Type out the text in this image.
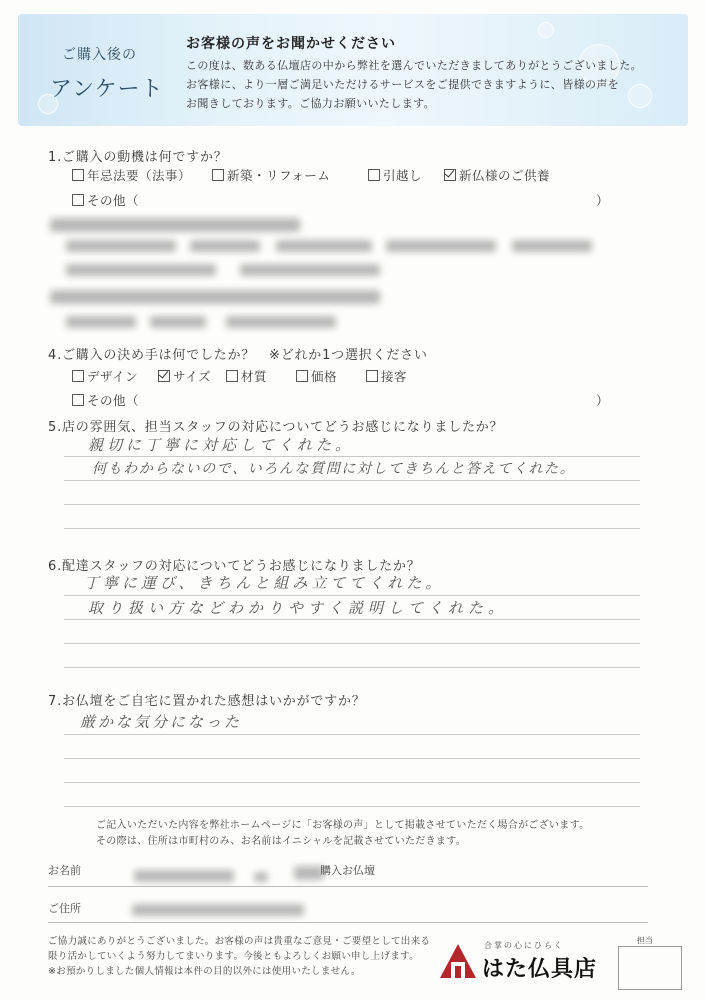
ご購入後の
アンケート
お客様の声をお聞かせください
この度は、数ある仏壇店の中から弊社を選んでいただきましてありがとうございました。
お客様に、より一層ご満足いただけるサービスをご提供できますように、皆様の声を
お聞きしております。ご協力お願いいたします。
1.ご購入の動機は何ですか？
年忌法要（法事）	新築・リフォーム	引越し	新仏様のご供養
その他（	）
4.ご購入の決め手は何でしたか？　※どれか1つ選択ください
デザイン	サイズ	材質	価格	接客
その他（	）
5.店の雰囲気、担当スタッフの対応についてどうお感じになりましたか？
親切に丁寧に対応してくれた。
何もわからないので、いろんな質問に対してきちんと答えてくれた。
6.配達スタッフの対応についてどうお感じになりましたか？
丁寧に運び、きちんと組み立ててくれた。
取り扱い方などわかりやすく説明してくれた。
7.お仏壇をご自宅に置かれた感想はいかがですか？
厳かな気分になった
ご記入いただいた内容を弊社ホームページに「お客様の声」として掲載させていただく場合がございます。
その際は、住所は市町村のみ、お名前はイニシャルを記載させていただきます。
お名前	購入お仏壇
ご住所
ご協力誠にありがとうございました。お客様の声は貴重なご意見・ご要望として出来る
限り活かしていくよう努力してまいります。今後ともよろしくお願い申し上げます。
※お預かりしました個人情報は本件の目的以外には使用いたしません。
合掌の心にひらく
はた仏具店
担当
